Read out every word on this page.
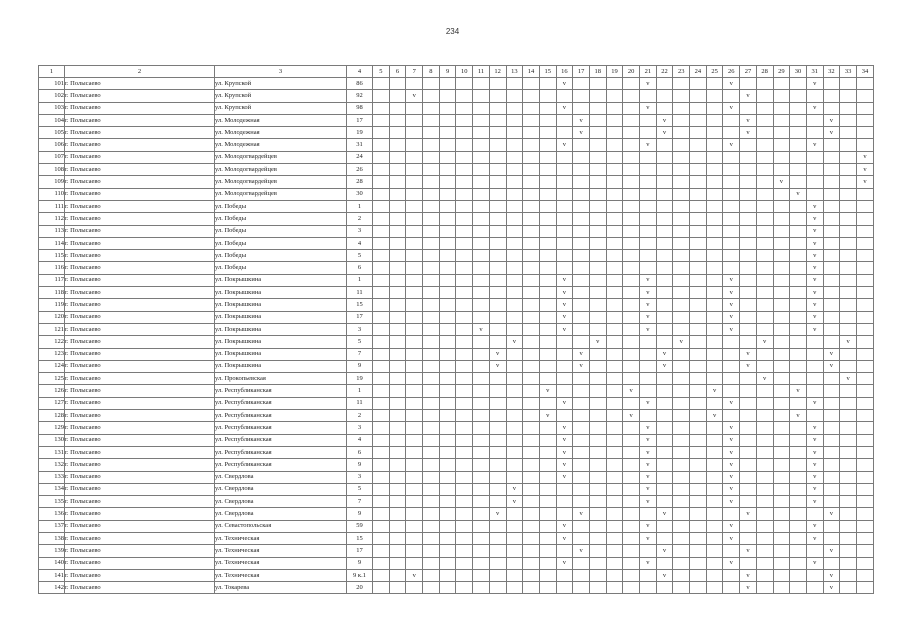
234
1	2	3	4	5	6	7	8	9	10	11	12	13	14	15	16	17	18	19	20	21	22	23	24	25	26	27	28	29	30	31	32	33	34
101	г. Полысаево	ул. Крупской	86												v					v					v					v			
102	г. Полысаево	ул. Крупской	92			v																				v							
103	г. Полысаево	ул. Крупской	98												v					v					v					v			
104	г. Полысаево	ул. Молодежная	17													v					v					v					v		
105	г. Полысаево	ул. Молодежная	19													v					v					v					v		
106	г. Полысаево	ул. Молодежная	31												v					v					v					v			
107	г. Полысаево	ул. Молодогвардейцев	24																														v
108	г. Полысаево	ул. Молодогвардейцев	26																														v
109	г. Полысаево	ул. Молодогвардейцев	28																									v					v
110	г. Полысаево	ул. Молодогвардейцев	30																										v				
111	г. Полысаево	ул. Победы	1																											v			
112	г. Полысаево	ул. Победы	2																											v			
113	г. Полысаево	ул. Победы	3																											v			
114	г. Полысаево	ул. Победы	4																											v			
115	г. Полысаево	ул. Победы	5																											v			
116	г. Полысаево	ул. Победы	6																											v			
117	г. Полысаево	ул. Покрышкина	1												v					v					v					v			
118	г. Полысаево	ул. Покрышкина	11												v					v					v					v			
119	г. Полысаево	ул. Покрышкина	15												v					v					v					v			
120	г. Полысаево	ул. Покрышкина	17												v					v					v					v			
121	г. Полысаево	ул. Покрышкина	3							v					v					v					v					v			
122	г. Полысаево	ул. Покрышкина	5									v					v					v					v					v	
123	г. Полысаево	ул. Покрышкина	7								v					v					v					v					v		
124	г. Полысаево	ул. Покрышкина	9								v					v					v					v					v		
125	г. Полысаево	ул. Прокопьевская	19																								v					v	
126	г. Полысаево	ул. Республиканская	1											v					v					v					v				
127	г. Полысаево	ул. Республиканская	11												v					v					v					v			
128	г. Полысаево	ул. Республиканская	2											v					v					v					v				
129	г. Полысаево	ул. Республиканская	3												v					v					v					v			
130	г. Полысаево	ул. Республиканская	4												v					v					v					v			
131	г. Полысаево	ул. Республиканская	6												v					v					v					v			
132	г. Полысаево	ул. Республиканская	9												v					v					v					v			
133	г. Полысаево	ул. Свердлова	3												v					v					v					v			
134	г. Полысаево	ул. Свердлова	5									v								v					v					v			
135	г. Полысаево	ул. Свердлова	7									v								v					v					v			
136	г. Полысаево	ул. Свердлова	9								v					v					v					v					v		
137	г. Полысаево	ул. Севастопольская	59												v					v					v					v			
138	г. Полысаево	ул. Техническая	15												v					v					v					v			
139	г. Полысаево	ул. Техническая	17													v					v					v					v		
140	г. Полысаево	ул. Техническая	9												v					v					v					v			
141	г. Полысаево	ул. Техническая	9 к.1			v															v					v					v		
142	г. Полысаево	ул. Токарева	20																							v					v		
